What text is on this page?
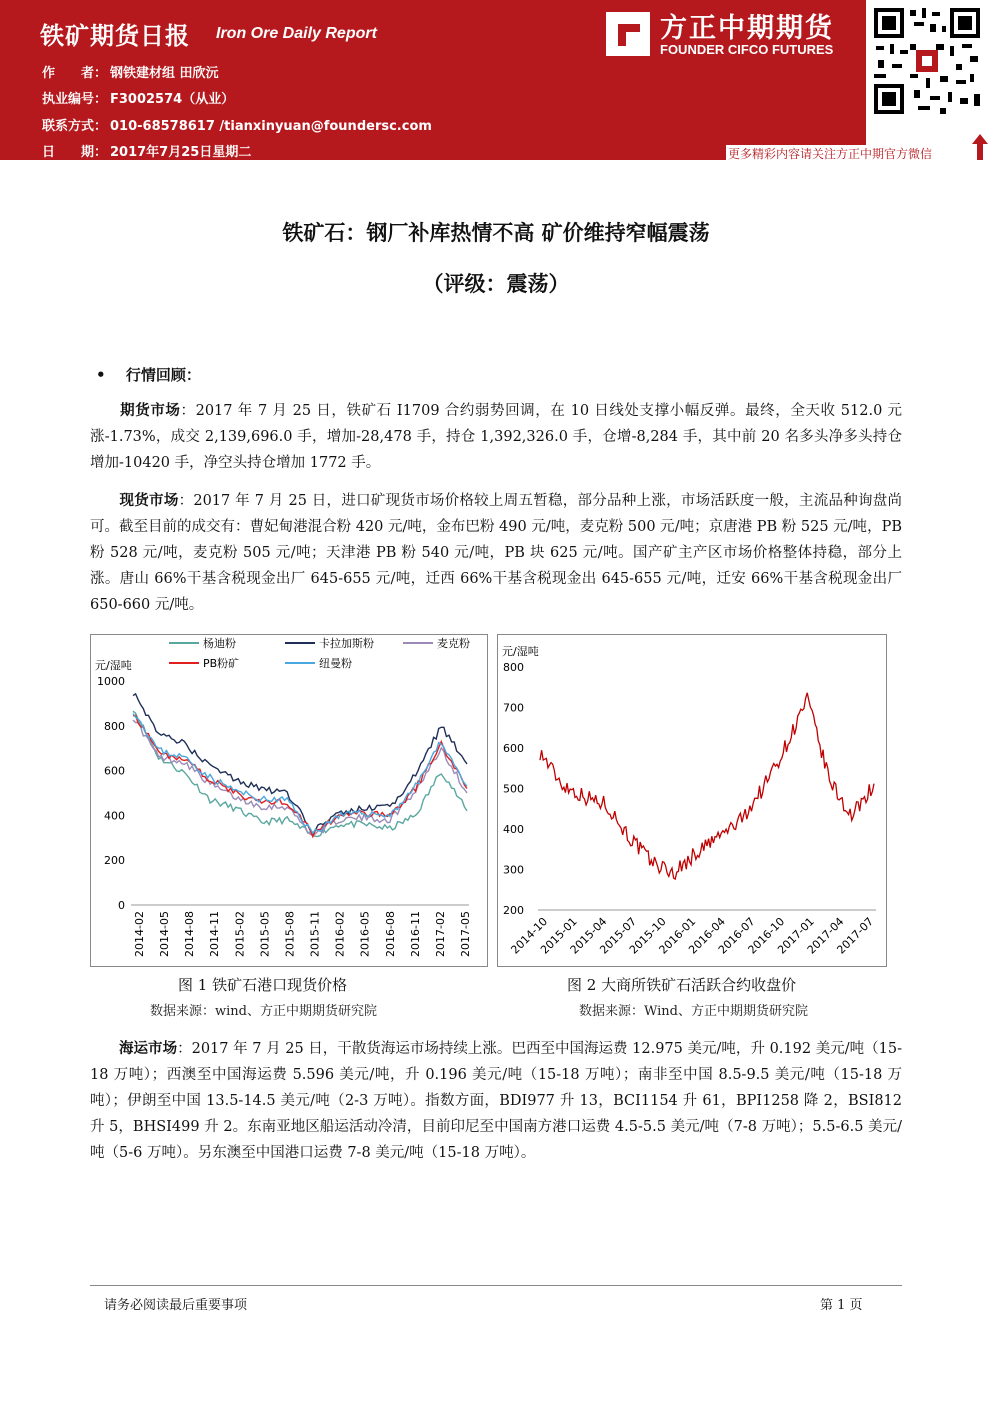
铁矿期货日报 Iron Ore Daily Report
作　　者： 钢铁建材组 田欣沅
执业编号： F3002574（从业）
联系方式： 010-68578617 /tianxinyuan@foundersc.com
日　　期： 2017年7月25日星期二
方正中期期货
FOUNDER CIFCO FUTURES
更多精彩内容请关注方正中期官方微信
铁矿石：钢厂补库热情不高 矿价维持窄幅震荡
（评级：震荡）
•　 行情回顾：
　　期货市场：2017 年 7 月 25 日，铁矿石 I1709 合约弱势回调，在 10 日线处支撑小幅反弹。最终，全天收 512.0 元涨-1.73%，成交 2,139,696.0 手，增加-28,478 手，持仓 1,392,326.0 手，仓增-8,284 手，其中前 20 名多头净多头持仓增加-10420 手，净空头持仓增加 1772 手。
　　现货市场：2017 年 7 月 25 日，进口矿现货市场价格较上周五暂稳，部分品种上涨，市场活跃度一般，主流品种询盘尚可。截至目前的成交有：曹妃甸港混合粉 420 元/吨，金布巴粉 490 元/吨，麦克粉 500 元/吨；京唐港 PB 粉 525 元/吨，PB 粉 528 元/吨，麦克粉 505 元/吨；天津港 PB 粉 540 元/吨，PB 块 625 元/吨。国产矿主产区市场价格整体持稳，部分上涨。唐山 66%干基含税现金出厂 645-655 元/吨，迁西 66%干基含税现金出 645-655 元/吨，迁安 66%干基含税现金出厂 650-660 元/吨。
元/湿吨
0
200
400
600
800
1000
2014-02 2014-05 2014-08 2014-11 2015-02 2015-05 2015-08 2015-11 2016-02 2016-05 2016-08 2016-11 2017-02 2017-05
杨迪粉	卡拉加斯粉	麦克粉
PB粉矿	纽曼粉
元/湿吨
200
300
400
500
600
700
800
2014-10
2015-01
2015-04
2015-07
2015-10
2016-01
2016-04
2016-07
2016-10
2017-01
2017-04
2017-07
图 1 铁矿石港口现货价格
数据来源：wind、方正中期期货研究院
图 2 大商所铁矿石活跃合约收盘价
数据来源：Wind、方正中期期货研究院
　　海运市场：2017 年 7 月 25 日，干散货海运市场持续上涨。巴西至中国海运费 12.975 美元/吨，升 0.192 美元/吨（15-18 万吨）；西澳至中国海运费 5.596 美元/吨，升 0.196 美元/吨（15-18 万吨）；南非至中国 8.5-9.5 美元/吨（15-18 万吨）；伊朗至中国 13.5-14.5 美元/吨（2-3 万吨）。指数方面，BDI977 升 13，BCI1154 升 61，BPI1258 降 2，BSI812 升 5，BHSI499 升 2。东南亚地区船运活动冷清，目前印尼至中国南方港口运费 4.5-5.5 美元/吨（7-8 万吨）；5.5-6.5 美元/吨（5-6 万吨）。另东澳至中国港口运费 7-8 美元/吨（15-18 万吨）。
请务必阅读最后重要事项	第 1 页
